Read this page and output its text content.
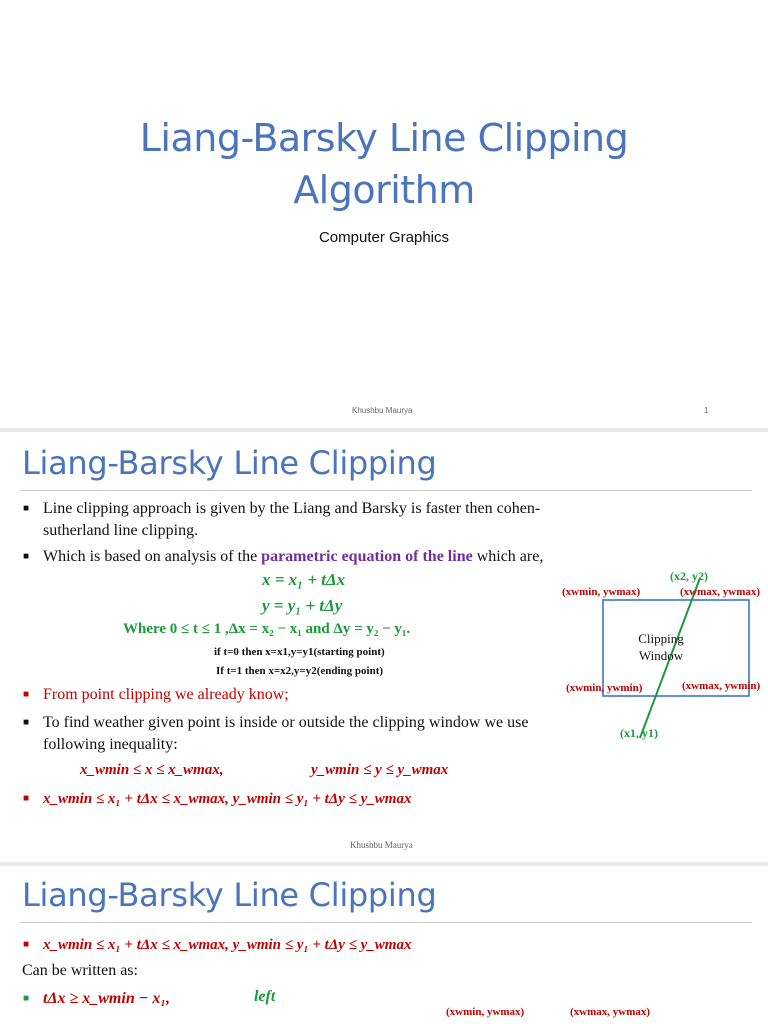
Liang-Barsky Line Clipping
Algorithm
Computer Graphics
Khushbu Maurya	1
Liang-Barsky Line Clipping
■ Line clipping approach is given by the Liang and Barsky is faster then cohen-
sutherland line clipping.
■ Which is based on analysis of the parametric equation of the line which are,
x = x₁ + tΔx
y = y₁ + tΔy
Where 0 ≤ t ≤ 1 ,Δx = x₂ − x₁ and Δy = y₂ − y₁.
if t=0 then x=x1,y=y1(starting point)
If t=1 then x=x2,y=y2(ending point)
■ From point clipping we already know;
■ To find weather given point is inside or outside the clipping window we use
following inequality:
x_wmin ≤ x ≤ x_wmax,	y_wmin ≤ y ≤ y_wmax
■ x_wmin ≤ x₁ + tΔx ≤ x_wmax, y_wmin ≤ y₁ + tΔy ≤ y_wmax
(x2, y2)
(x1, y1)
(xwmin, ywmax)	(xwmax, ywmax)
(xwmin, ywmin)	(xwmax, ywmin)
Clipping
Window
Khushbu Maurya
Liang-Barsky Line Clipping
■ x_wmin ≤ x₁ + tΔx ≤ x_wmax, y_wmin ≤ y₁ + tΔy ≤ y_wmax
Can be written as:
■ tΔx ≥ x_wmin − x₁,	left
(xwmin, ywmax)	(xwmax, ywmax)
